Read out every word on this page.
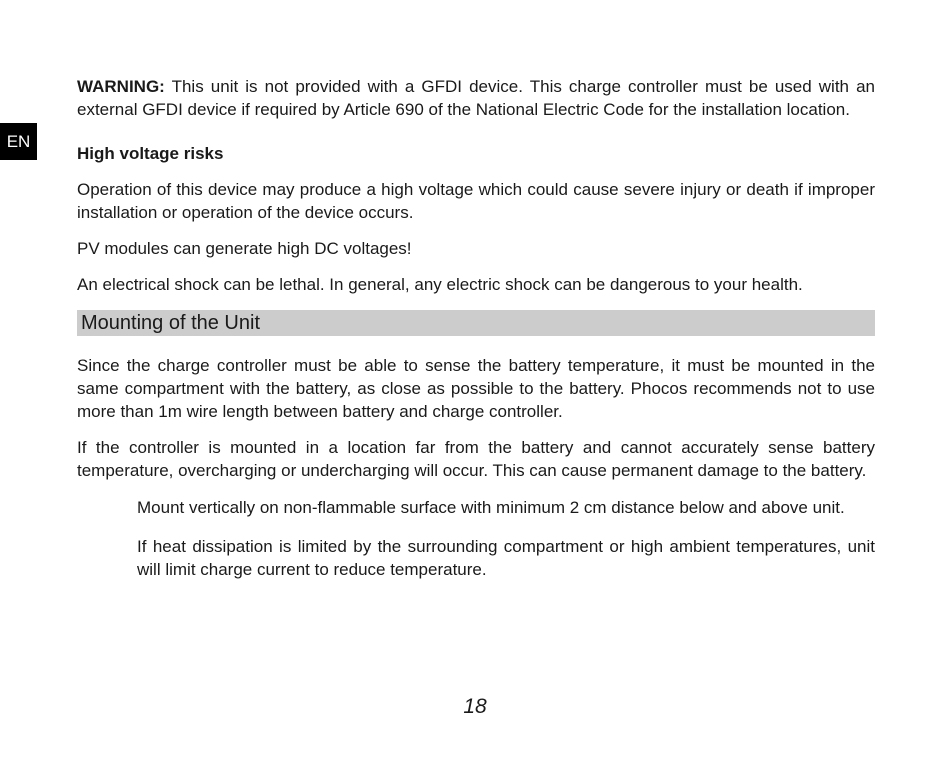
EN

WARNING: This unit is not provided with a GFDI device. This charge controller must be used with an external GFDI device if required by Article 690 of the National Electric Code for the installation location.

High voltage risks

Operation of this device may produce a high voltage which could cause severe injury or death if improper installation or operation of the device occurs.

PV modules can generate high DC voltages!

An electrical shock can be lethal. In general, any electric shock can be dangerous to your health.

Mounting of the Unit

Since the charge controller must be able to sense the battery temperature, it must be mounted in the same compartment with the battery, as close as possible to the battery. Phocos recommends not to use more than 1m wire length between battery and charge controller.

If the controller is mounted in a location far from the battery and cannot accurately sense battery temperature, overcharging or undercharging will occur. This can cause permanent damage to the battery.

Mount vertically on non-flammable surface with minimum 2 cm distance below and above unit.

If heat dissipation is limited by the surrounding compartment or high ambient temperatures, unit will limit charge current to reduce temperature.

18
